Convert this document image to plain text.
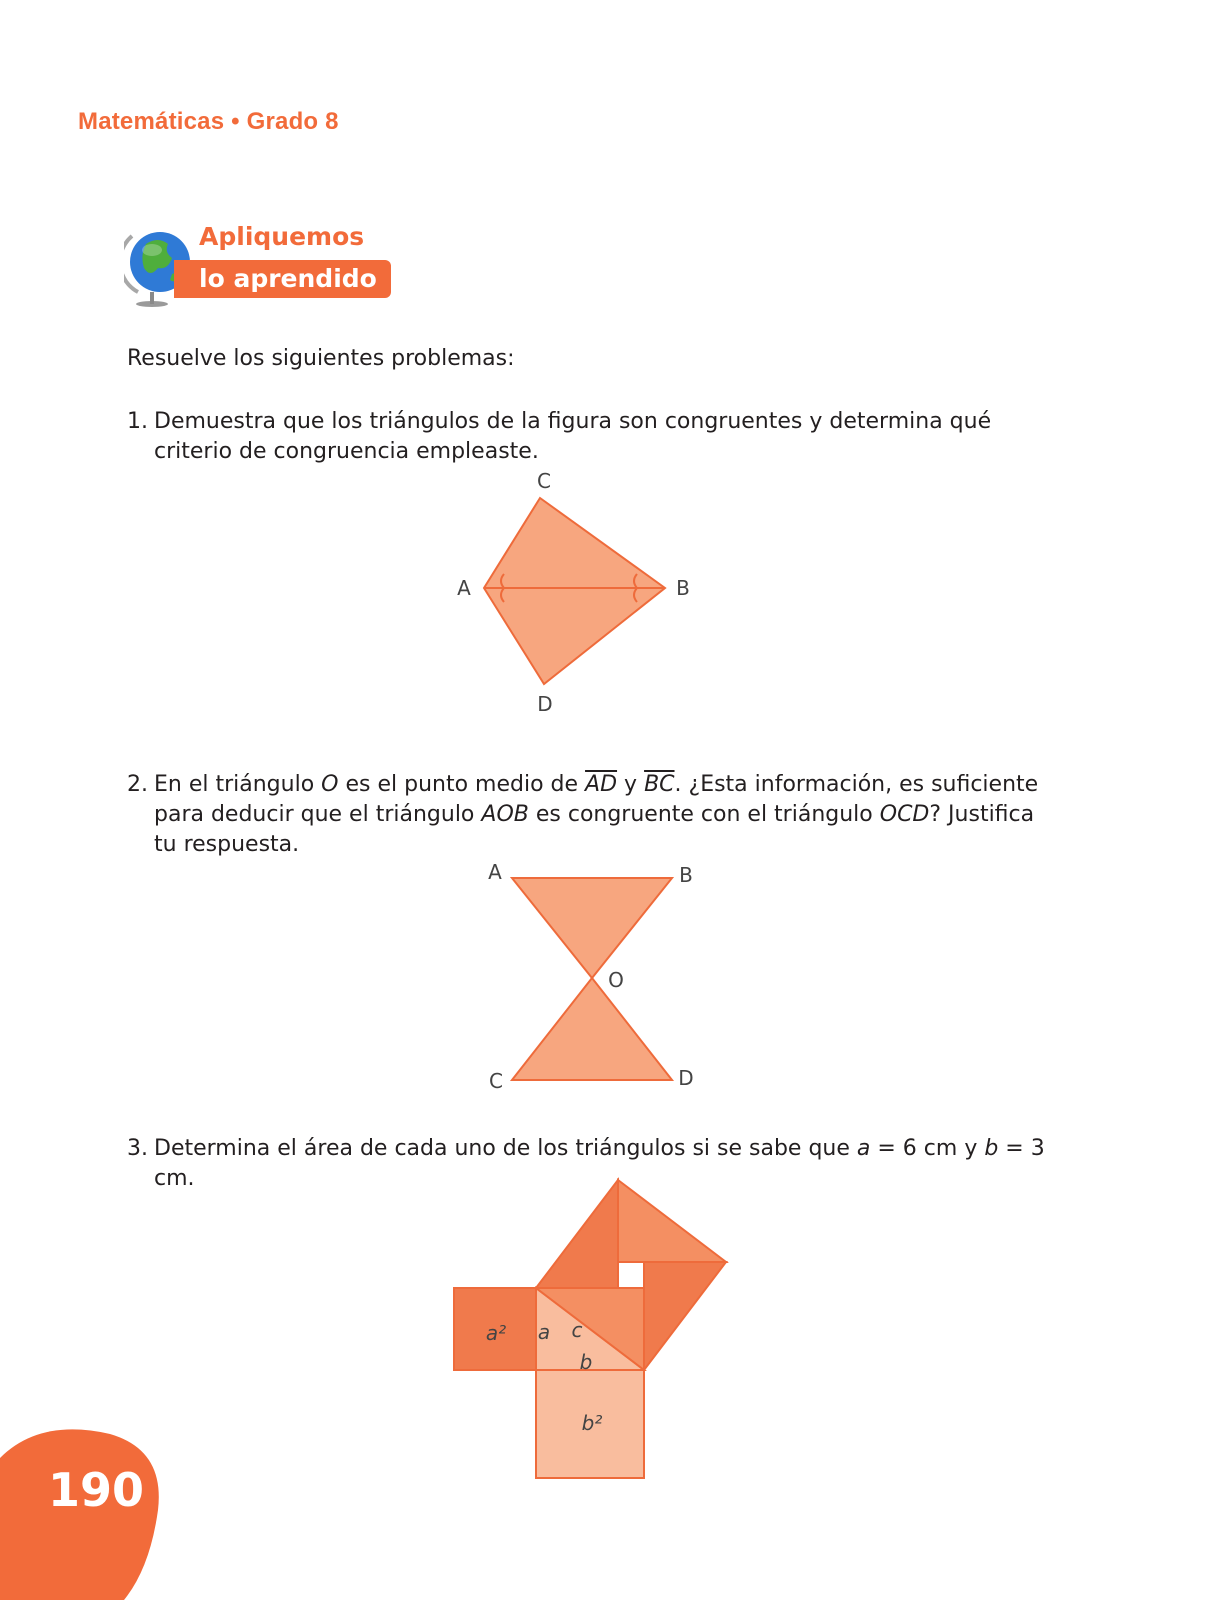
Matemáticas • Grado 8
lo aprendido
Apliquemos
Resuelve los siguientes problemas:
1. Demuestra que los triángulos de la figura son congruentes y determina qué criterio de congruencia empleaste.
C
A	B
D
2. En el triángulo O es el punto medio de $\overline{AD}$ y $\overline{BC}$. ¿Esta información, es suficiente para deducir que el triángulo AOB es congruente con el triángulo OCD? Justifica tu respuesta.
A	B
O
C	D
3. Determina el área de cada uno de los triángulos si se sabe que a = 6 cm y b = 3 cm.
a² a c
b
b²
190
